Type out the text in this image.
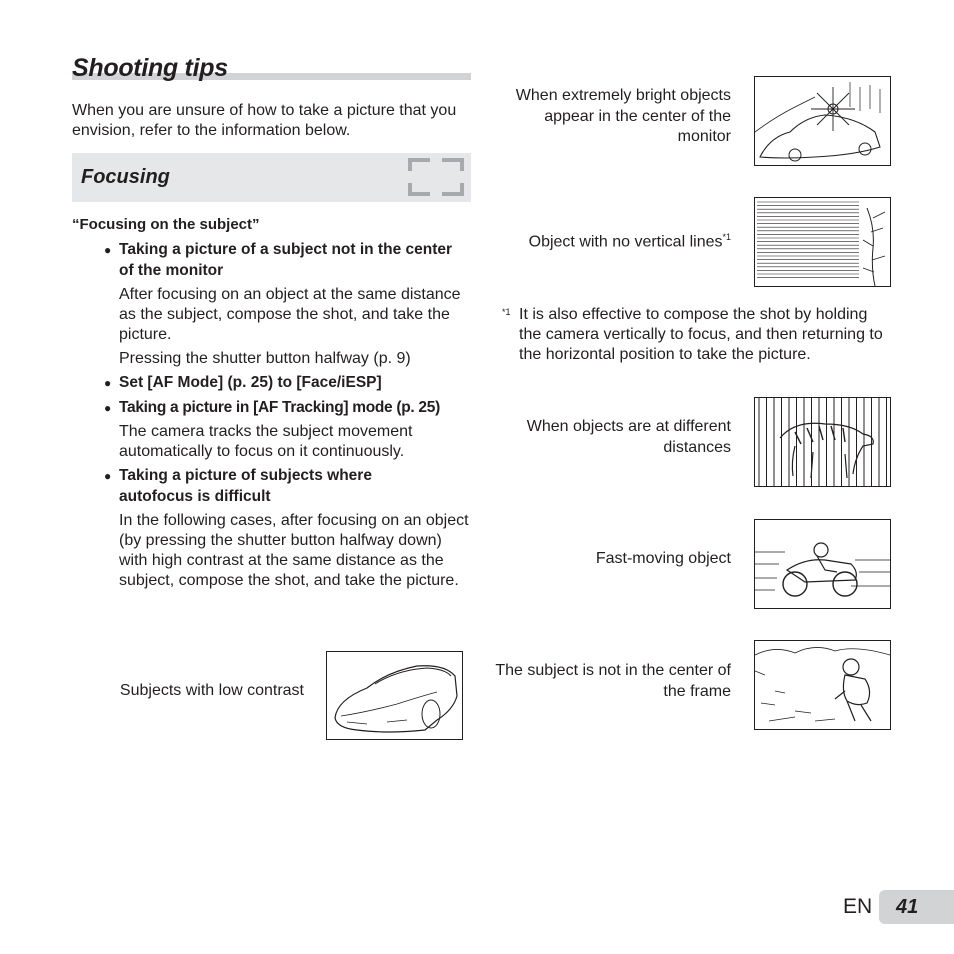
Shooting tips
When you are unsure of how to take a picture that you envision, refer to the information below.
Focusing
“Focusing on the subject”
● Taking a picture of a subject not in the center of the monitor
After focusing on an object at the same distance as the subject, compose the shot, and take the picture.
Pressing the shutter button halfway (p. 9)
● Set [AF Mode] (p. 25) to [Face/iESP]
● Taking a picture in [AF Tracking] mode (p. 25)
The camera tracks the subject movement automatically to focus on it continuously.
● Taking a picture of subjects where autofocus is difficult
In the following cases, after focusing on an object (by pressing the shutter button halfway down) with high contrast at the same distance as the subject, compose the shot, and take the picture.
Subjects with low contrast
When extremely bright objects appear in the center of the monitor
Object with no vertical lines$^{*1}$
*1 It is also effective to compose the shot by holding the camera vertically to focus, and then returning to the horizontal position to take the picture.
When objects are at different distances
Fast-moving object
The subject is not in the center of the frame
EN 41
